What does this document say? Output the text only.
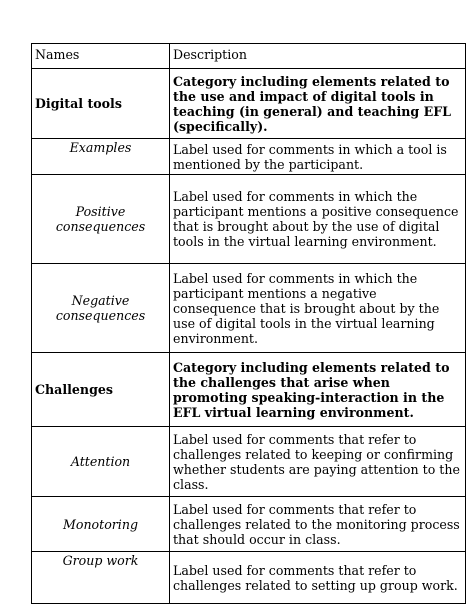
Names	Description
Digital tools	Category including elements related to the use and impact of digital tools in teaching (in general) and teaching EFL (specifically).
Examples	Label used for comments in which a tool is mentioned by the participant.
Positive consequences	Label used for comments in which the participant mentions a positive consequence that is brought about by the use of digital tools in the virtual learning environment.
Negative consequences	Label used for comments in which the participant mentions a negative consequence that is brought about by the use of digital tools in the virtual learning environment.
Challenges	Category including elements related to the challenges that arise when promoting speaking-interaction in the EFL virtual learning environment.
Attention	Label used for comments that refer to challenges related to keeping or confirming whether students are paying attention to the class.
Monotoring	Label used for comments that refer to challenges related to the monitoring process that should occur in class.
Group work	Label used for comments that refer to challenges related to setting up group work.
